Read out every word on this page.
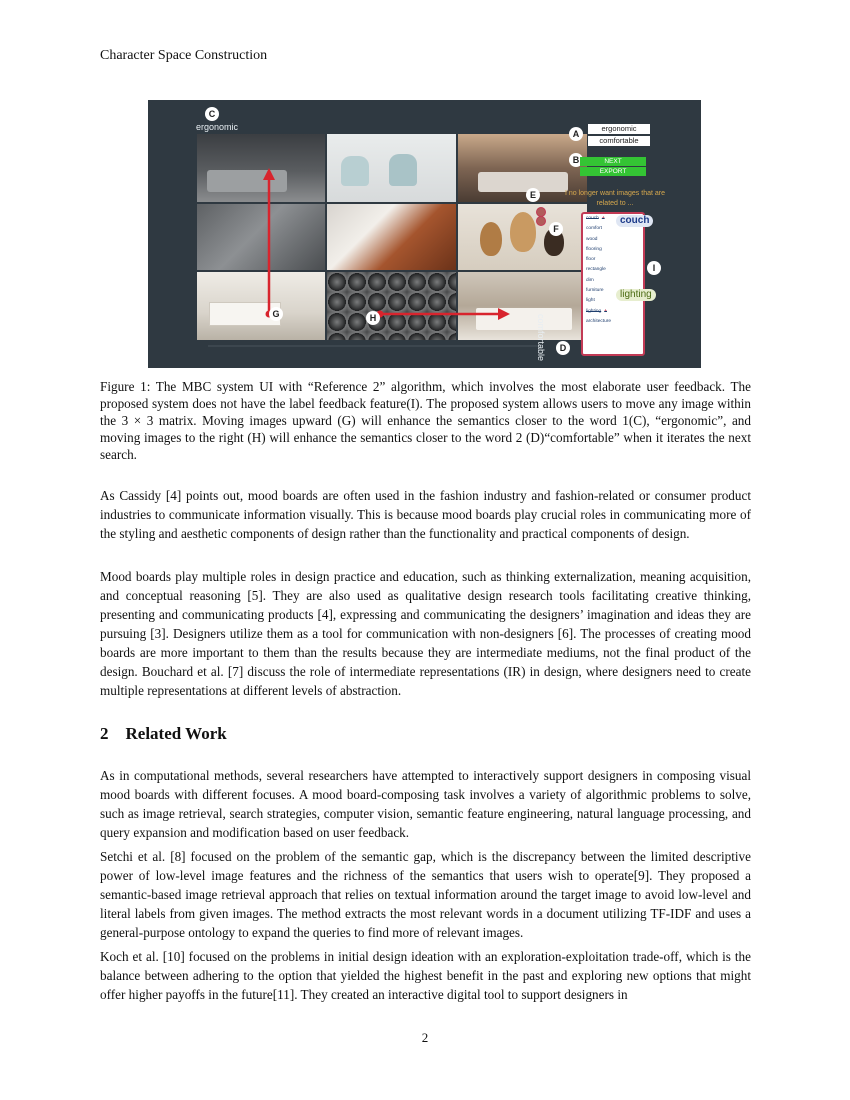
Character Space Construction
ergonomic
comfortable
C
A
B
E
F
I
G	H
D
ergonomic
comfortable
NEXT
EXPORT
I no longer want images that are related to ...
couch +
comfort
wood
flooring
floor
rectangle
dim
furniture
light
lighting +
architecture
couch
lighting
Figure 1: The MBC system UI with “Reference 2” algorithm, which involves the most elaborate user feedback. The proposed system does not have the label feedback feature(I). The proposed system allows users to move any image within the 3 × 3 matrix. Moving images upward (G) will enhance the semantics closer to the word 1(C), “ergonomic”, and moving images to the right (H) will enhance the semantics closer to the word 2 (D)“comfortable” when it iterates the next search.
As Cassidy [4] points out, mood boards are often used in the fashion industry and fashion-related or consumer product industries to communicate information visually. This is because mood boards play crucial roles in communicating more of the styling and aesthetic components of design rather than the functionality and practical components of design.
Mood boards play multiple roles in design practice and education, such as thinking externalization, meaning acquisition, and conceptual reasoning [5]. They are also used as qualitative design research tools facilitating creative thinking, presenting and communicating products [4], expressing and communicating the designers’ imagination and ideas they are pursuing [3]. Designers utilize them as a tool for communication with non-designers [6]. The processes of creating mood boards are more important to them than the results because they are intermediate mediums, not the final product of the design. Bouchard et al. [7] discuss the role of intermediate representations (IR) in design, where designers need to create multiple representations at different levels of abstraction.
2    Related Work
As in computational methods, several researchers have attempted to interactively support designers in composing visual mood boards with different focuses. A mood board-composing task involves a variety of algorithmic problems to solve, such as image retrieval, search strategies, computer vision, semantic feature engineering, natural language processing, and query expansion and modification based on user feedback.
Setchi et al. [8] focused on the problem of the semantic gap, which is the discrepancy between the limited descriptive power of low-level image features and the richness of the semantics that users wish to operate[9]. They proposed a semantic-based image retrieval approach that relies on textual information around the target image to avoid low-level and literal labels from given images. The method extracts the most relevant words in a document utilizing TF-IDF and uses a general-purpose ontology to expand the queries to find more of relevant images.
Koch et al. [10] focused on the problems in initial design ideation with an exploration-exploitation trade-off, which is the balance between adhering to the option that yielded the highest benefit in the past and exploring new options that might offer higher payoffs in the future[11]. They created an interactive digital tool to support designers in
2
